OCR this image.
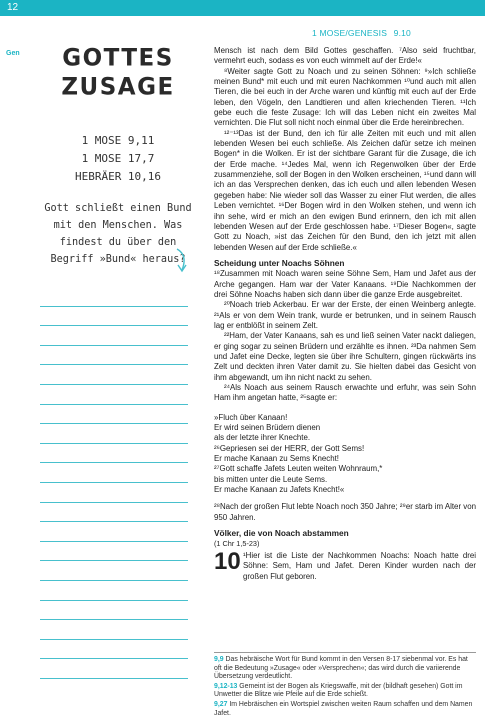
12
1 MOSE/GENESIS 9.10
Gen	GOTTES
ZUSAGE
1 MOSE 9,11
1 MOSE 17,7
HEBRÄER 10,16
Gott schließt einen Bund mit den Menschen. Was findest du über den Begriff »Bund« heraus?

Mensch ist nach dem Bild Gottes geschaffen. ⁷Also seid fruchtbar, vermehrt euch, sodass es von euch wimmelt auf der Erde!«

⁸Weiter sagte Gott zu Noach und zu seinen Söhnen: ⁹»Ich schließe meinen Bund* mit euch und mit euren Nachkommen ¹⁰und auch mit allen Tieren, die bei euch in der Arche waren und künftig mit euch auf der Erde leben, den Vögeln, den Landtieren und allen kriechenden Tieren. ¹¹Ich gebe euch die feste Zusage: Ich will das Leben nicht ein zweites Mal vernichten. Die Flut soll nicht noch einmal über die Erde hereinbrechen.

¹²⁻¹³Das ist der Bund, den ich für alle Zeiten mit euch und mit allen lebenden Wesen bei euch schließe. Als Zeichen dafür setze ich meinen Bogen* in die Wolken. Er ist der sichtbare Garant für die Zusage, die ich der Erde mache. ¹⁴Jedes Mal, wenn ich Regenwolken über der Erde zusammenziehe, soll der Bogen in den Wolken erscheinen, ¹⁵und dann will ich an das Versprechen denken, das ich euch und allen lebenden Wesen gegeben habe: Nie wieder soll das Wasser zu einer Flut werden, die alles Leben vernichtet. ¹⁶Der Bogen wird in den Wolken stehen, und wenn ich ihn sehe, wird er mich an den ewigen Bund erinnern, den ich mit allen lebenden Wesen auf der Erde geschlossen habe. ¹⁷Dieser Bogen«, sagte Gott zu Noach, »ist das Zeichen für den Bund, den ich jetzt mit allen lebenden Wesen auf der Erde schließe.«

Scheidung unter Noachs Söhnen

¹⁸Zusammen mit Noach waren seine Söhne Sem, Ham und Jafet aus der Arche gegangen. Ham war der Vater Kanaans. ¹⁹Die Nachkommen der drei Söhne Noachs haben sich dann über die ganze Erde ausgebreitet.

²⁰Noach trieb Ackerbau. Er war der Erste, der einen Weinberg anlegte. ²¹Als er von dem Wein trank, wurde er betrunken, und in seinem Rausch lag er entblößt in seinem Zelt.

²²Ham, der Vater Kanaans, sah es und ließ seinen Vater nackt daliegen, er ging sogar zu seinen Brüdern und erzählte es ihnen. ²³Da nahmen Sem und Jafet eine Decke, legten sie über ihre Schultern, gingen rückwärts ins Zelt und deckten ihren Vater damit zu. Sie hielten dabei das Gesicht von ihm abgewandt, um ihn nicht nackt zu sehen.

²⁴Als Noach aus seinem Rausch erwachte und erfuhr, was sein Sohn Ham ihm angetan hatte, ²⁵sagte er:

»Fluch über Kanaan!
Er wird seinen Brüdern dienen
als der letzte ihrer Knechte.
²⁶Gepriesen sei der HERR, der Gott Sems!
Er mache Kanaan zu Sems Knecht!
²⁷Gott schaffe Jafets Leuten weiten Wohnraum,*
bis mitten unter die Leute Sems.
Er mache Kanaan zu Jafets Knecht!«

²⁸Nach der großen Flut lebte Noach noch 350 Jahre; ²⁹er starb im Alter von 950 Jahren.

Völker, die von Noach abstammen
(1 Chr 1,5-23)
10 ¹Hier ist die Liste der Nachkommen Noachs: Noach hatte drei Söhne: Sem, Ham und Jafet. Deren Kinder wurden nach der großen Flut geboren.

9,9 Das hebräische Wort für Bund kommt in den Versen 8-17 siebenmal vor. Es hat oft die Bedeutung »Zusage« oder »Versprechen«; das wird durch die variierende Übersetzung verdeutlicht.

9,12-13 Gemeint ist der Bogen als Kriegswaffe, mit der (bildhaft gesehen) Gott im Unwetter die Blitze wie Pfeile auf die Erde schießt.

9,27 Im Hebräischen ein Wortspiel zwischen weiten Raum schaffen und dem Namen Jafet.
